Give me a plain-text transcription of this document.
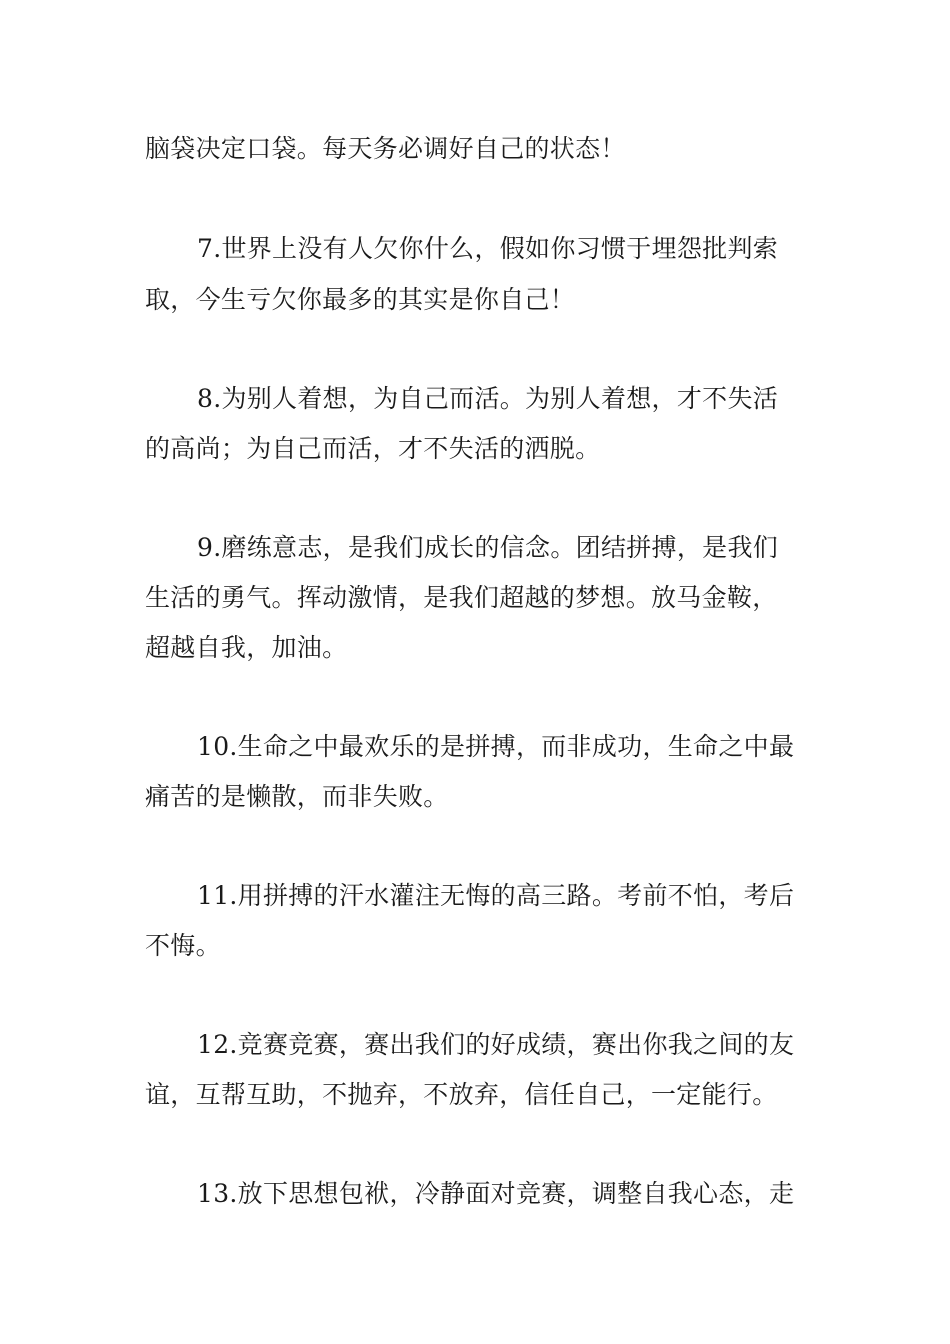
脑袋决定口袋。每天务必调好自己的状态！
7.世界上没有人欠你什么，假如你习惯于埋怨批判索
取，今生亏欠你最多的其实是你自己！
8.为别人着想，为自己而活。为别人着想，才不失活
的高尚；为自己而活，才不失活的洒脱。
9.磨练意志，是我们成长的信念。团结拼搏，是我们
生活的勇气。挥动激情，是我们超越的梦想。放马金鞍，
超越自我，加油。
10.生命之中最欢乐的是拼搏，而非成功，生命之中最
痛苦的是懒散，而非失败。
11.用拼搏的汗水灌注无悔的高三路。考前不怕，考后
不悔。
12.竞赛竞赛，赛出我们的好成绩，赛出你我之间的友
谊，互帮互助，不抛弃，不放弃，信任自己，一定能行。
13.放下思想包袱，冷静面对竞赛，调整自我心态，走
